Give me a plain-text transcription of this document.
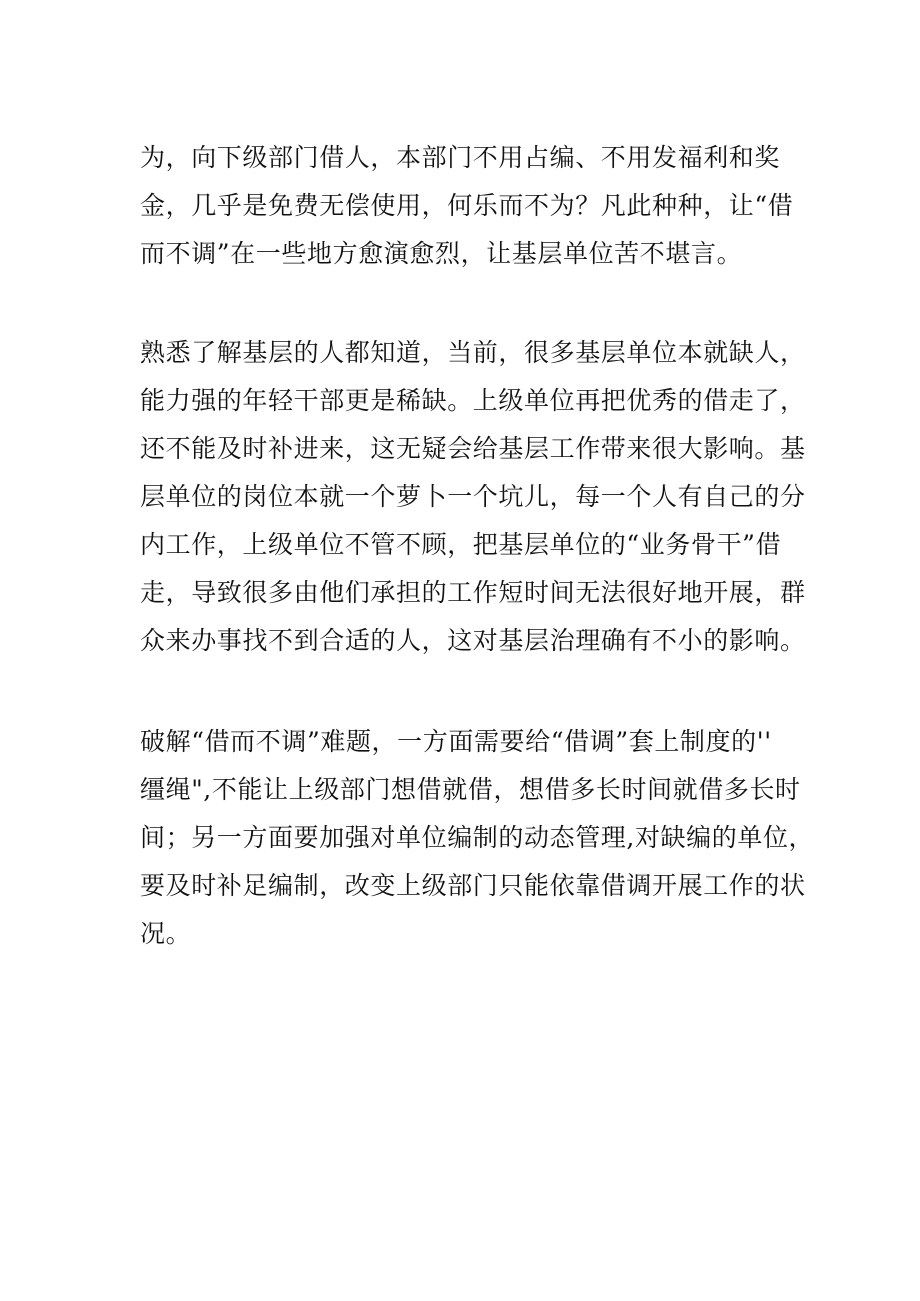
为，向下级部门借人，本部门不用占编、不用发福利和奖
金，几乎是免费无偿使用，何乐而不为？凡此种种，让“借
而不调”在一些地方愈演愈烈，让基层单位苦不堪言。
熟悉了解基层的人都知道，当前，很多基层单位本就缺人，
能力强的年轻干部更是稀缺。上级单位再把优秀的借走了，
还不能及时补进来，这无疑会给基层工作带来很大影响。基
层单位的岗位本就一个萝卜一个坑儿，每一个人有自己的分
内工作，上级单位不管不顾，把基层单位的“业务骨干”借
走，导致很多由他们承担的工作短时间无法很好地开展，群
众来办事找不到合适的人，这对基层治理确有不小的影响。
破解“借而不调”难题，一方面需要给“借调”套上制度的''
缰绳",不能让上级部门想借就借，想借多长时间就借多长时
间；另一方面要加强对单位编制的动态管理,对缺编的单位，
要及时补足编制，改变上级部门只能依靠借调开展工作的状
况。
